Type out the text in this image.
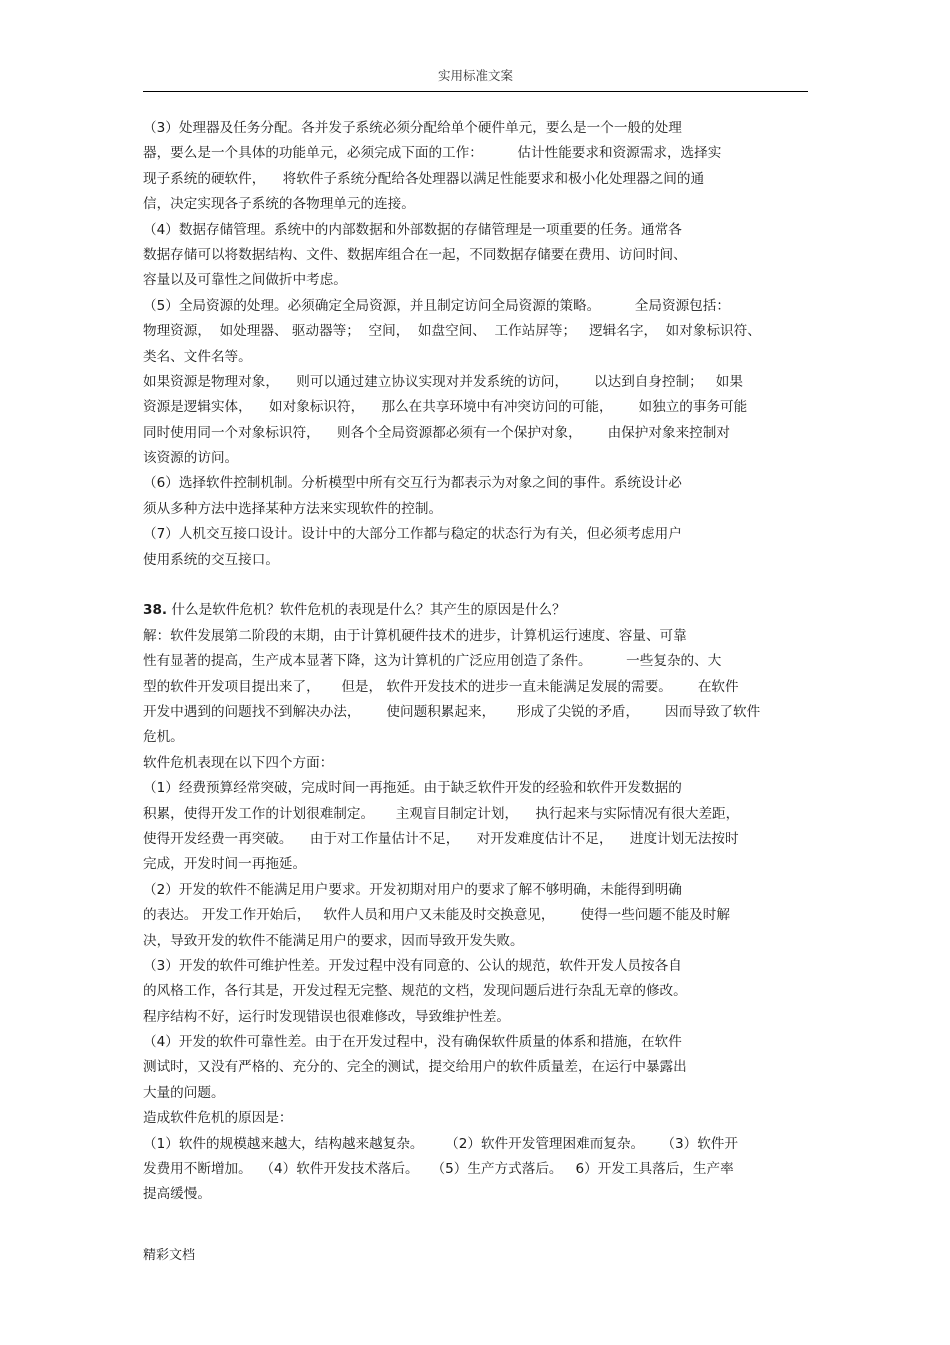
实用标准文案
（3）处理器及任务分配。各并发子系统必须分配给单个硬件单元，要么是一个一般的处理
器，要么是一个具体的功能单元，必须完成下面的工作：        估计性能要求和资源需求，选择实
现子系统的硬软件，    将软件子系统分配给各处理器以满足性能要求和极小化处理器之间的通
信，决定实现各子系统的各物理单元的连接。
（4）数据存储管理。系统中的内部数据和外部数据的存储管理是一项重要的任务。通常各
数据存储可以将数据结构、文件、数据库组合在一起，不同数据存储要在费用、访问时间、
容量以及可靠性之间做折中考虑。
（5）全局资源的处理。必须确定全局资源，并且制定访问全局资源的策略。        全局资源包括：
物理资源，  如处理器、 驱动器等；  空间，  如盘空间、  工作站屏等；   逻辑名字，  如对象标识符、
类名、文件名等。
如果资源是物理对象，    则可以通过建立协议实现对并发系统的访问，      以达到自身控制；   如果
资源是逻辑实体，    如对象标识符，    那么在共享环境中有冲突访问的可能，      如独立的事务可能
同时使用同一个对象标识符，    则各个全局资源都必须有一个保护对象，      由保护对象来控制对
该资源的访问。
（6）选择软件控制机制。分析模型中所有交互行为都表示为对象之间的事件。系统设计必
须从多种方法中选择某种方法来实现软件的控制。
（7）人机交互接口设计。设计中的大部分工作都与稳定的状态行为有关，但必须考虑用户
使用系统的交互接口。
38. 什么是软件危机？软件危机的表现是什么？其产生的原因是什么？
解：软件发展第二阶段的末期，由于计算机硬件技术的进步，计算机运行速度、容量、可靠
性有显著的提高，生产成本显著下降，这为计算机的广泛应用创造了条件。        一些复杂的、大
型的软件开发项目提出来了，     但是， 软件开发技术的进步一直未能满足发展的需要。      在软件
开发中遇到的问题找不到解决办法，      使问题积累起来，     形成了尖锐的矛盾，      因而导致了软件
危机。
软件危机表现在以下四个方面：
（1）经费预算经常突破，完成时间一再拖延。由于缺乏软件开发的经验和软件开发数据的
积累，使得开发工作的计划很难制定。     主观盲目制定计划，    执行起来与实际情况有很大差距，
使得开发经费一再突破。    由于对工作量估计不足，    对开发难度估计不足，    进度计划无法按时
完成，开发时间一再拖延。
（2）开发的软件不能满足用户要求。开发初期对用户的要求了解不够明确，未能得到明确
的表达。 开发工作开始后，   软件人员和用户又未能及时交换意见，      使得一些问题不能及时解
决，导致开发的软件不能满足用户的要求，因而导致开发失败。
（3）开发的软件可维护性差。开发过程中没有同意的、公认的规范，软件开发人员按各自
的风格工作，各行其是，开发过程无完整、规范的文档，发现问题后进行杂乱无章的修改。
程序结构不好，运行时发现错误也很难修改，导致维护性差。
（4）开发的软件可靠性差。由于在开发过程中，没有确保软件质量的体系和措施，在软件
测试时，又没有严格的、充分的、完全的测试，提交给用户的软件质量差，在运行中暴露出
大量的问题。
造成软件危机的原因是：
（1）软件的规模越来越大，结构越来越复杂。     （2）软件开发管理困难而复杂。    （3）软件开
发费用不断增加。  （4）软件开发技术落后。   （5）生产方式落后。   6）开发工具落后，生产率
提高缓慢。
精彩文档
